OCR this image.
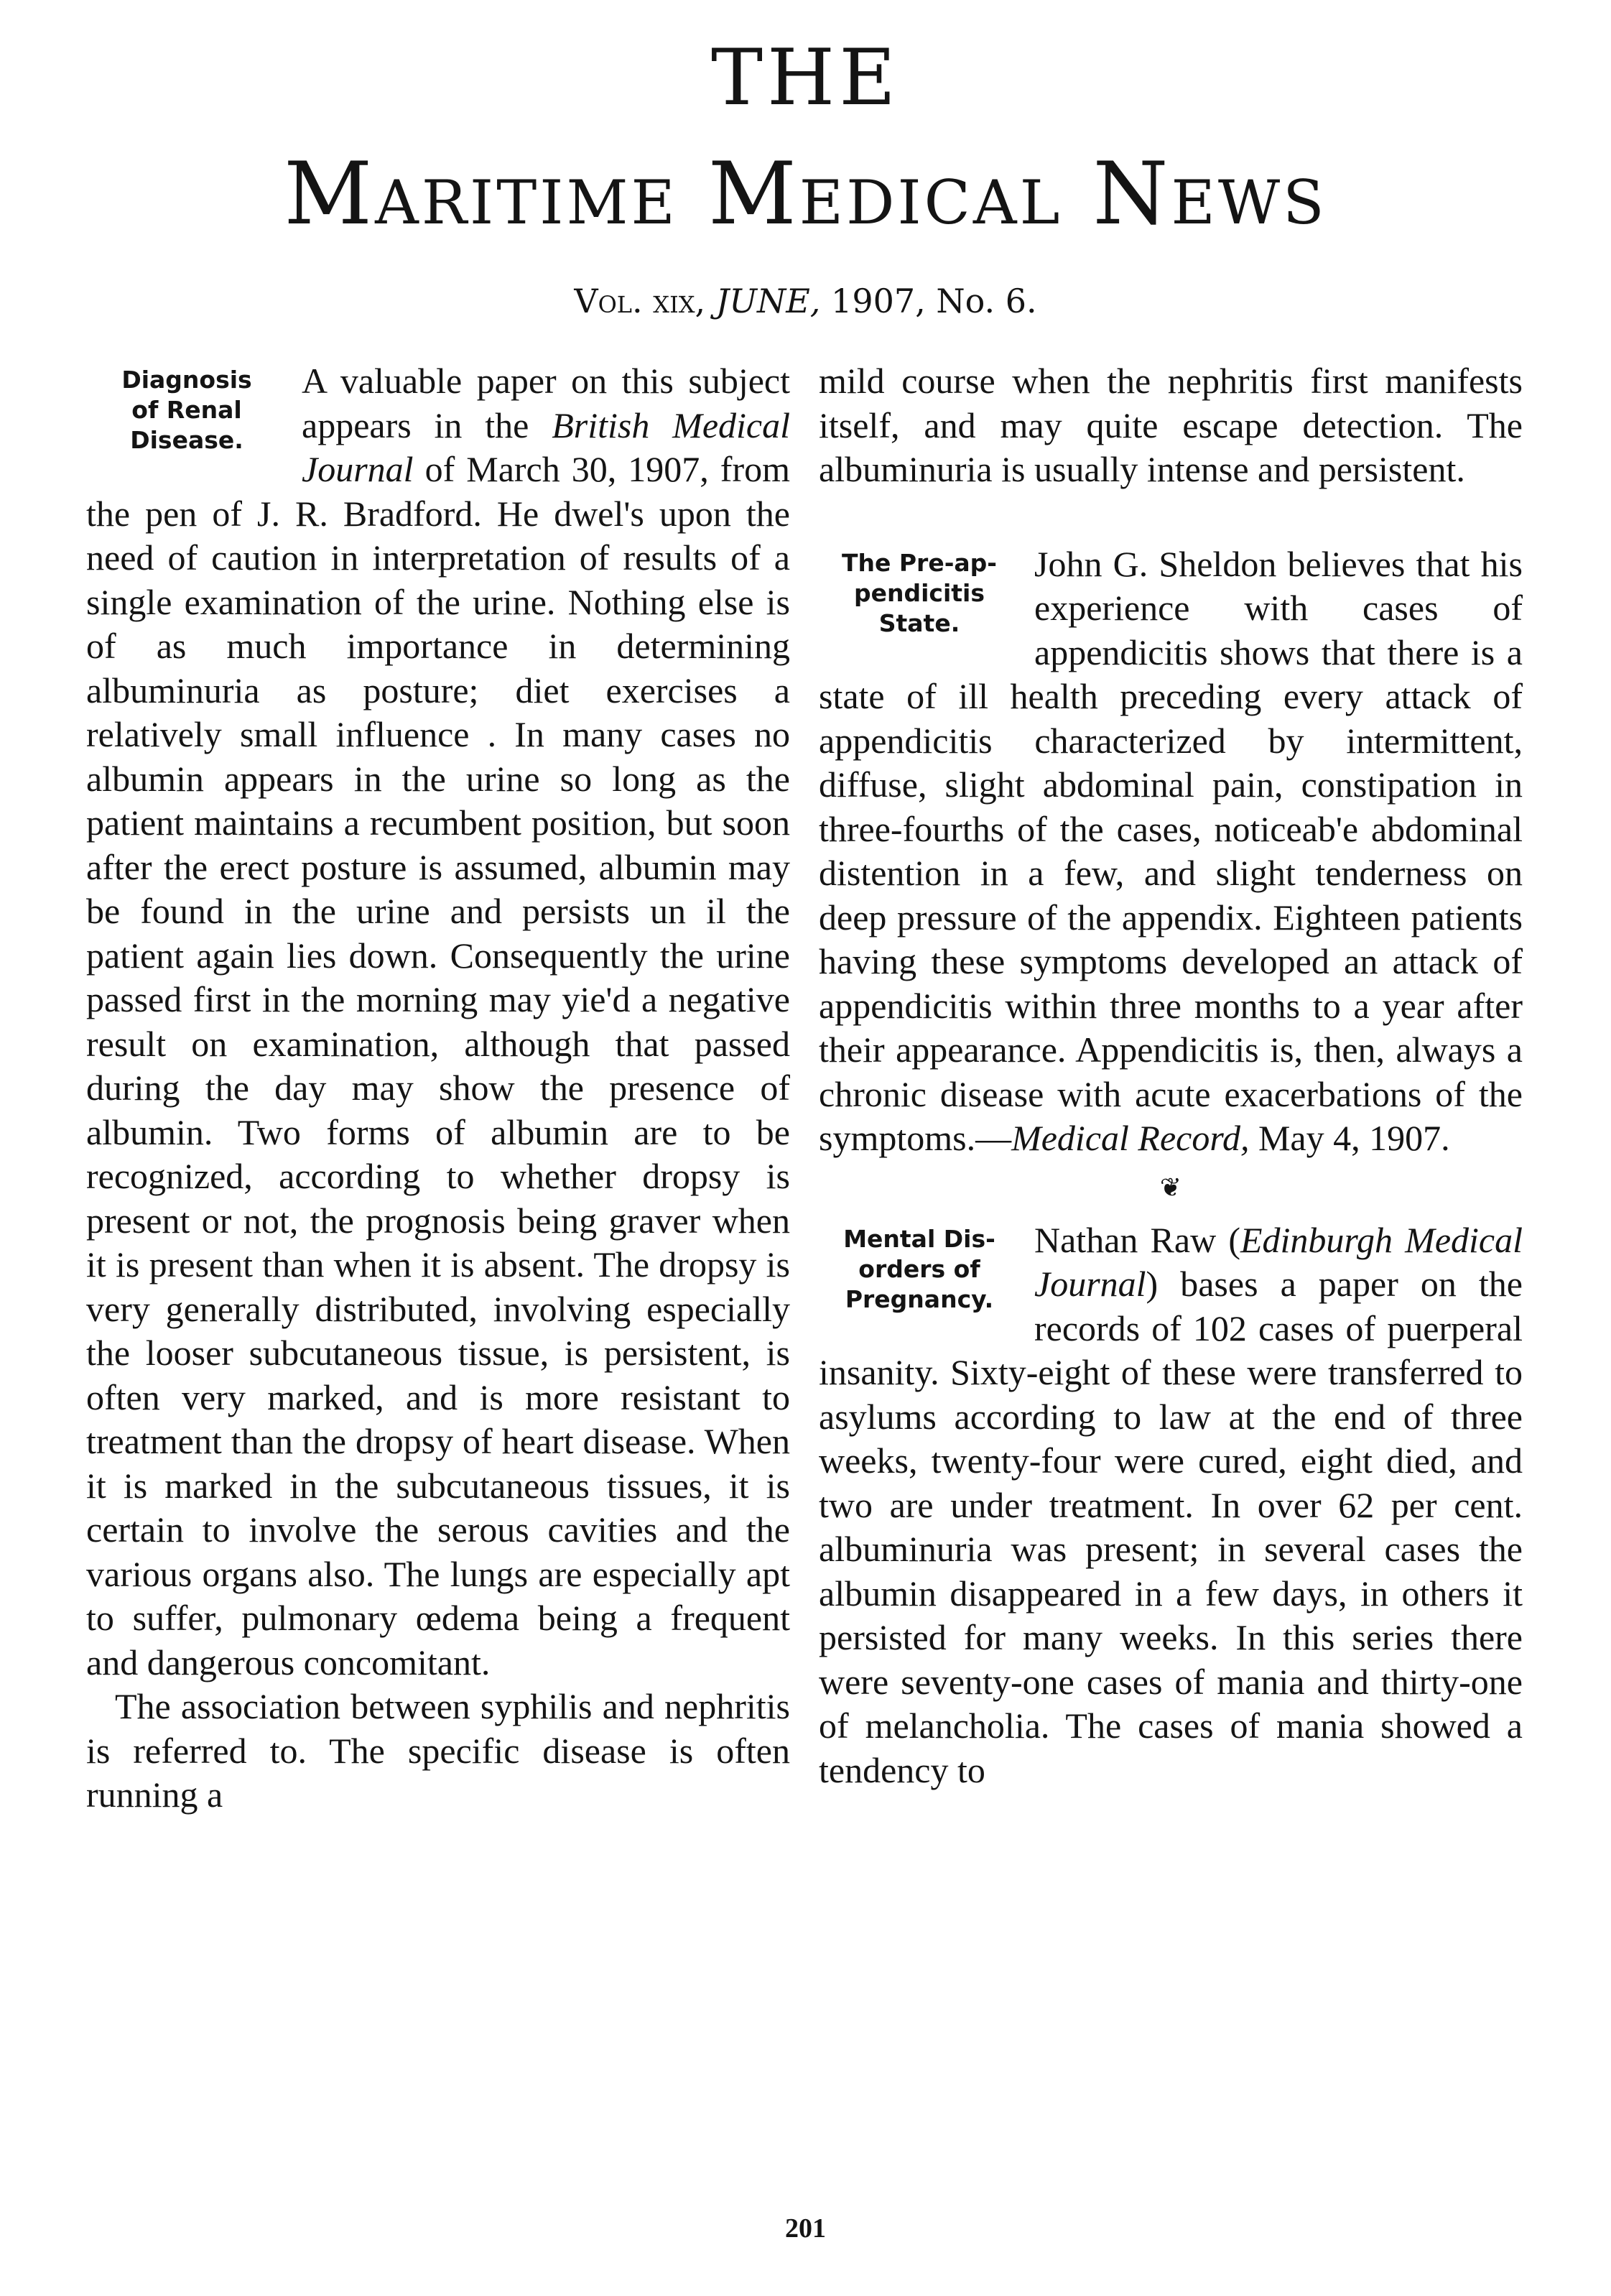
THE
Maritime Medical News
Vol. xix, JUNE, 1907, No. 6.
Diagnosis
of Renal
Disease.

A valuable paper on this subject appears in the British Medical Journal of March 30, 1907, from the pen of J. R. Bradford. He dwel's upon the need of caution in interpretation of results of a single examination of the urine. Nothing else is of as much importance in determining albuminuria as posture; diet exercises a relatively small influence . In many cases no albumin appears in the urine so long as the patient maintains a recumbent position, but soon after the erect posture is assumed, albumin may be found in the urine and persists un il the patient again lies down. Consequently the urine passed first in the morning may yie'd a negative result on examination, although that passed during the day may show the presence of albumin. Two forms of albumin are to be recognized, according to whether dropsy is present or not, the prognosis being graver when it is present than when it is absent. The dropsy is very generally distributed, involving especially the looser subcutaneous tissue, is persistent, is often very marked, and is more resistant to treatment than the dropsy of heart disease. When it is marked in the subcutaneous tissues, it is certain to involve the serous cavities and the various organs also. The lungs are especially apt to suffer, pulmonary œdema being a frequent and dangerous concomitant.

The association between syphilis and nephritis is referred to. The specific disease is often running a

mild course when the nephritis first manifests itself, and may quite escape detection. The albuminuria is usually intense and persistent.

The Pre-ap-
pendicitis
State.

John G. Sheldon believes that his experience with cases of appendicitis shows that there is a state of ill health preceding every attack of appendicitis characterized by intermittent, diffuse, slight abdominal pain, constipation in three-fourths of the cases, noticeab'e abdominal distention in a few, and slight tenderness on deep pressure of the appendix. Eighteen patients having these symptoms developed an attack of appendicitis within three months to a year after their appearance. Appendicitis is, then, always a chronic disease with acute exacerbations of the symptoms.—Medical Record, May 4, 1907.

❦
Mental Dis-
orders of
Pregnancy.

Nathan Raw (Edinburgh Medical Journal) bases a paper on the records of 102 cases of puerperal insanity. Sixty-eight of these were transferred to asylums according to law at the end of three weeks, twenty-four were cured, eight died, and two are under treatment. In over 62 per cent. albuminuria was present; in several cases the albumin disappeared in a few days, in others it persisted for many weeks. In this series there were seventy-one cases of mania and thirty-one of melancholia. The cases of mania showed a tendency to

201
